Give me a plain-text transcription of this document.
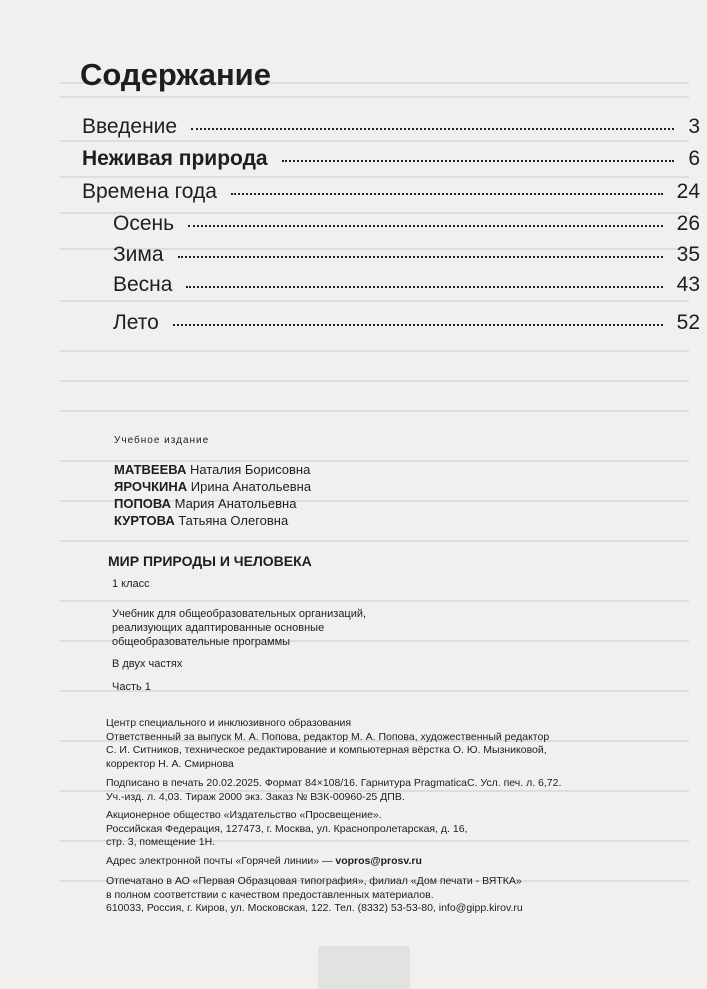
Содержание
Введение	3
Неживая природа	6
Времена года	24
Осень	26
Зима	35
Весна	43
Лето	52
Учебное издание
МАТВЕЕВА Наталия Борисовна
ЯРОЧКИНА Ирина Анатольевна
ПОПОВА Мария Анатольевна
КУРТОВА Татьяна Олеговна
МИР ПРИРОДЫ И ЧЕЛОВЕКА
1 класс
Учебник для общеобразовательных организаций,
реализующих адаптированные основные
общеобразовательные программы
В двух частях
Часть 1
Центр специального и инклюзивного образования
Ответственный за выпуск М. А. Попова, редактор М. А. Попова, художественный редактор
С. И. Ситников, техническое редактирование и компьютерная вёрстка О. Ю. Мызниковой,
корректор Н. А. Смирнова
Подписано в печать 20.02.2025. Формат 84×108/16. Гарнитура PragmaticaC. Усл. печ. л. 6,72.
Уч.-изд. л. 4,03. Тираж 2000 экз. Заказ № ВЗК-00960-25 ДПВ.
Акционерное общество «Издательство «Просвещение».
Российская Федерация, 127473, г. Москва, ул. Краснопролетарская, д. 16,
стр. 3, помещение 1Н.
Адрес электронной почты «Горячей линии» — vopros@prosv.ru
Отпечатано в АО «Первая Образцовая типография», филиал «Дом печати - ВЯТКА»
в полном соответствии с качеством предоставленных материалов.
610033, Россия, г. Киров, ул. Московская, 122. Тел. (8332) 53-53-80, info@gipp.kirov.ru
